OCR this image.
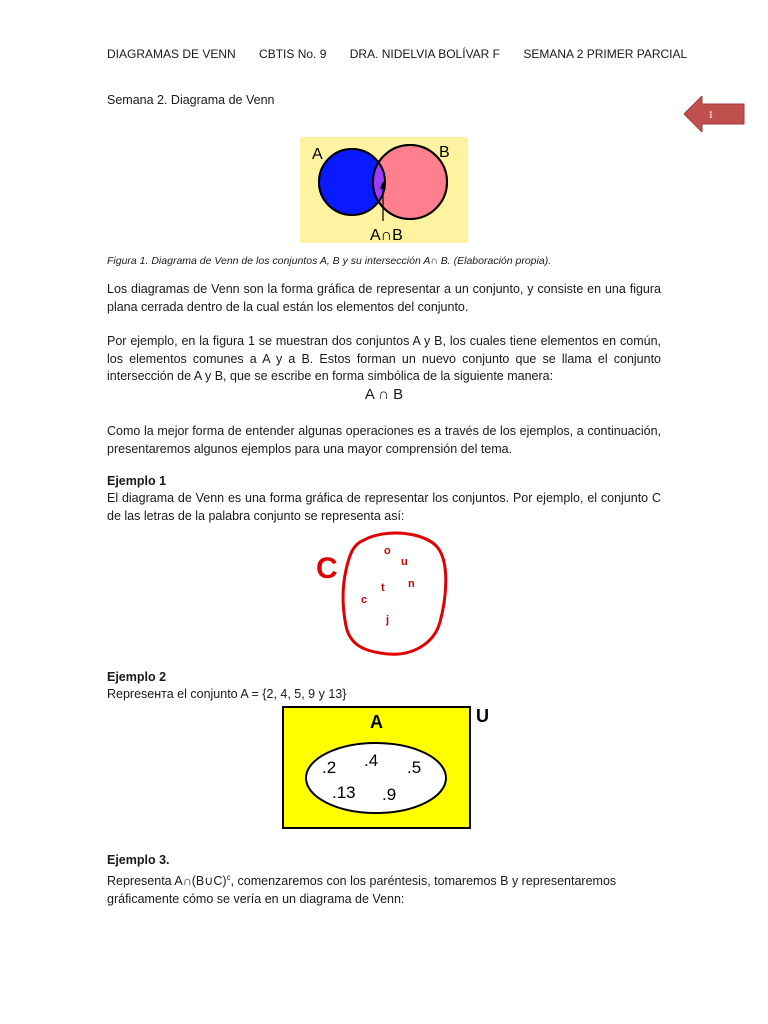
DIAGRAMAS DE VENN CBTIS No. 9 DRA. NIDELVIA BOLÍVAR F SEMANA 2 PRIMER PARCIAL
1
Semana 2. Diagrama de Venn
A	B
A∩B
Figura 1. Diagrama de Venn de los conjuntos A, B y su intersección A∩ B. (Elaboración propia).
Los diagramas de Venn son la forma gráfica de representar a un conjunto, y consiste en una figura plana cerrada dentro de la cual están los elementos del conjunto.
Por ejemplo, en la figura 1 se muestran dos conjuntos A y B, los cuales tiene elementos en común, los elementos comunes a A y a B. Estos forman un nuevo conjunto que se llama el conjunto intersección de A y B, que se escribe en forma simbólica de la siguiente manera:
A ∩ B
Como la mejor forma de entender algunas operaciones es a través de los ejemplos, a continuación, presentaremos algunos ejemplos para una mayor comprensión del tema.
Ejemplo 1
El diagrama de Venn es una forma gráfica de representar los conjuntos. Por ejemplo, el conjunto C de las letras de la palabra conjunto se representa así:
C
o
u
n
t
c
j
Ejemplo 2
Represента el conjunto A = {2, 4, 5, 9 y 13}
A	U
.2 .4 .5
.13 .9
Ejemplo 3.
Representa A∩(B∪C)$^c$, comenzaremos con los paréntesis, tomaremos B y representaremos gráficamente cómo se vería en un diagrama de Venn:
